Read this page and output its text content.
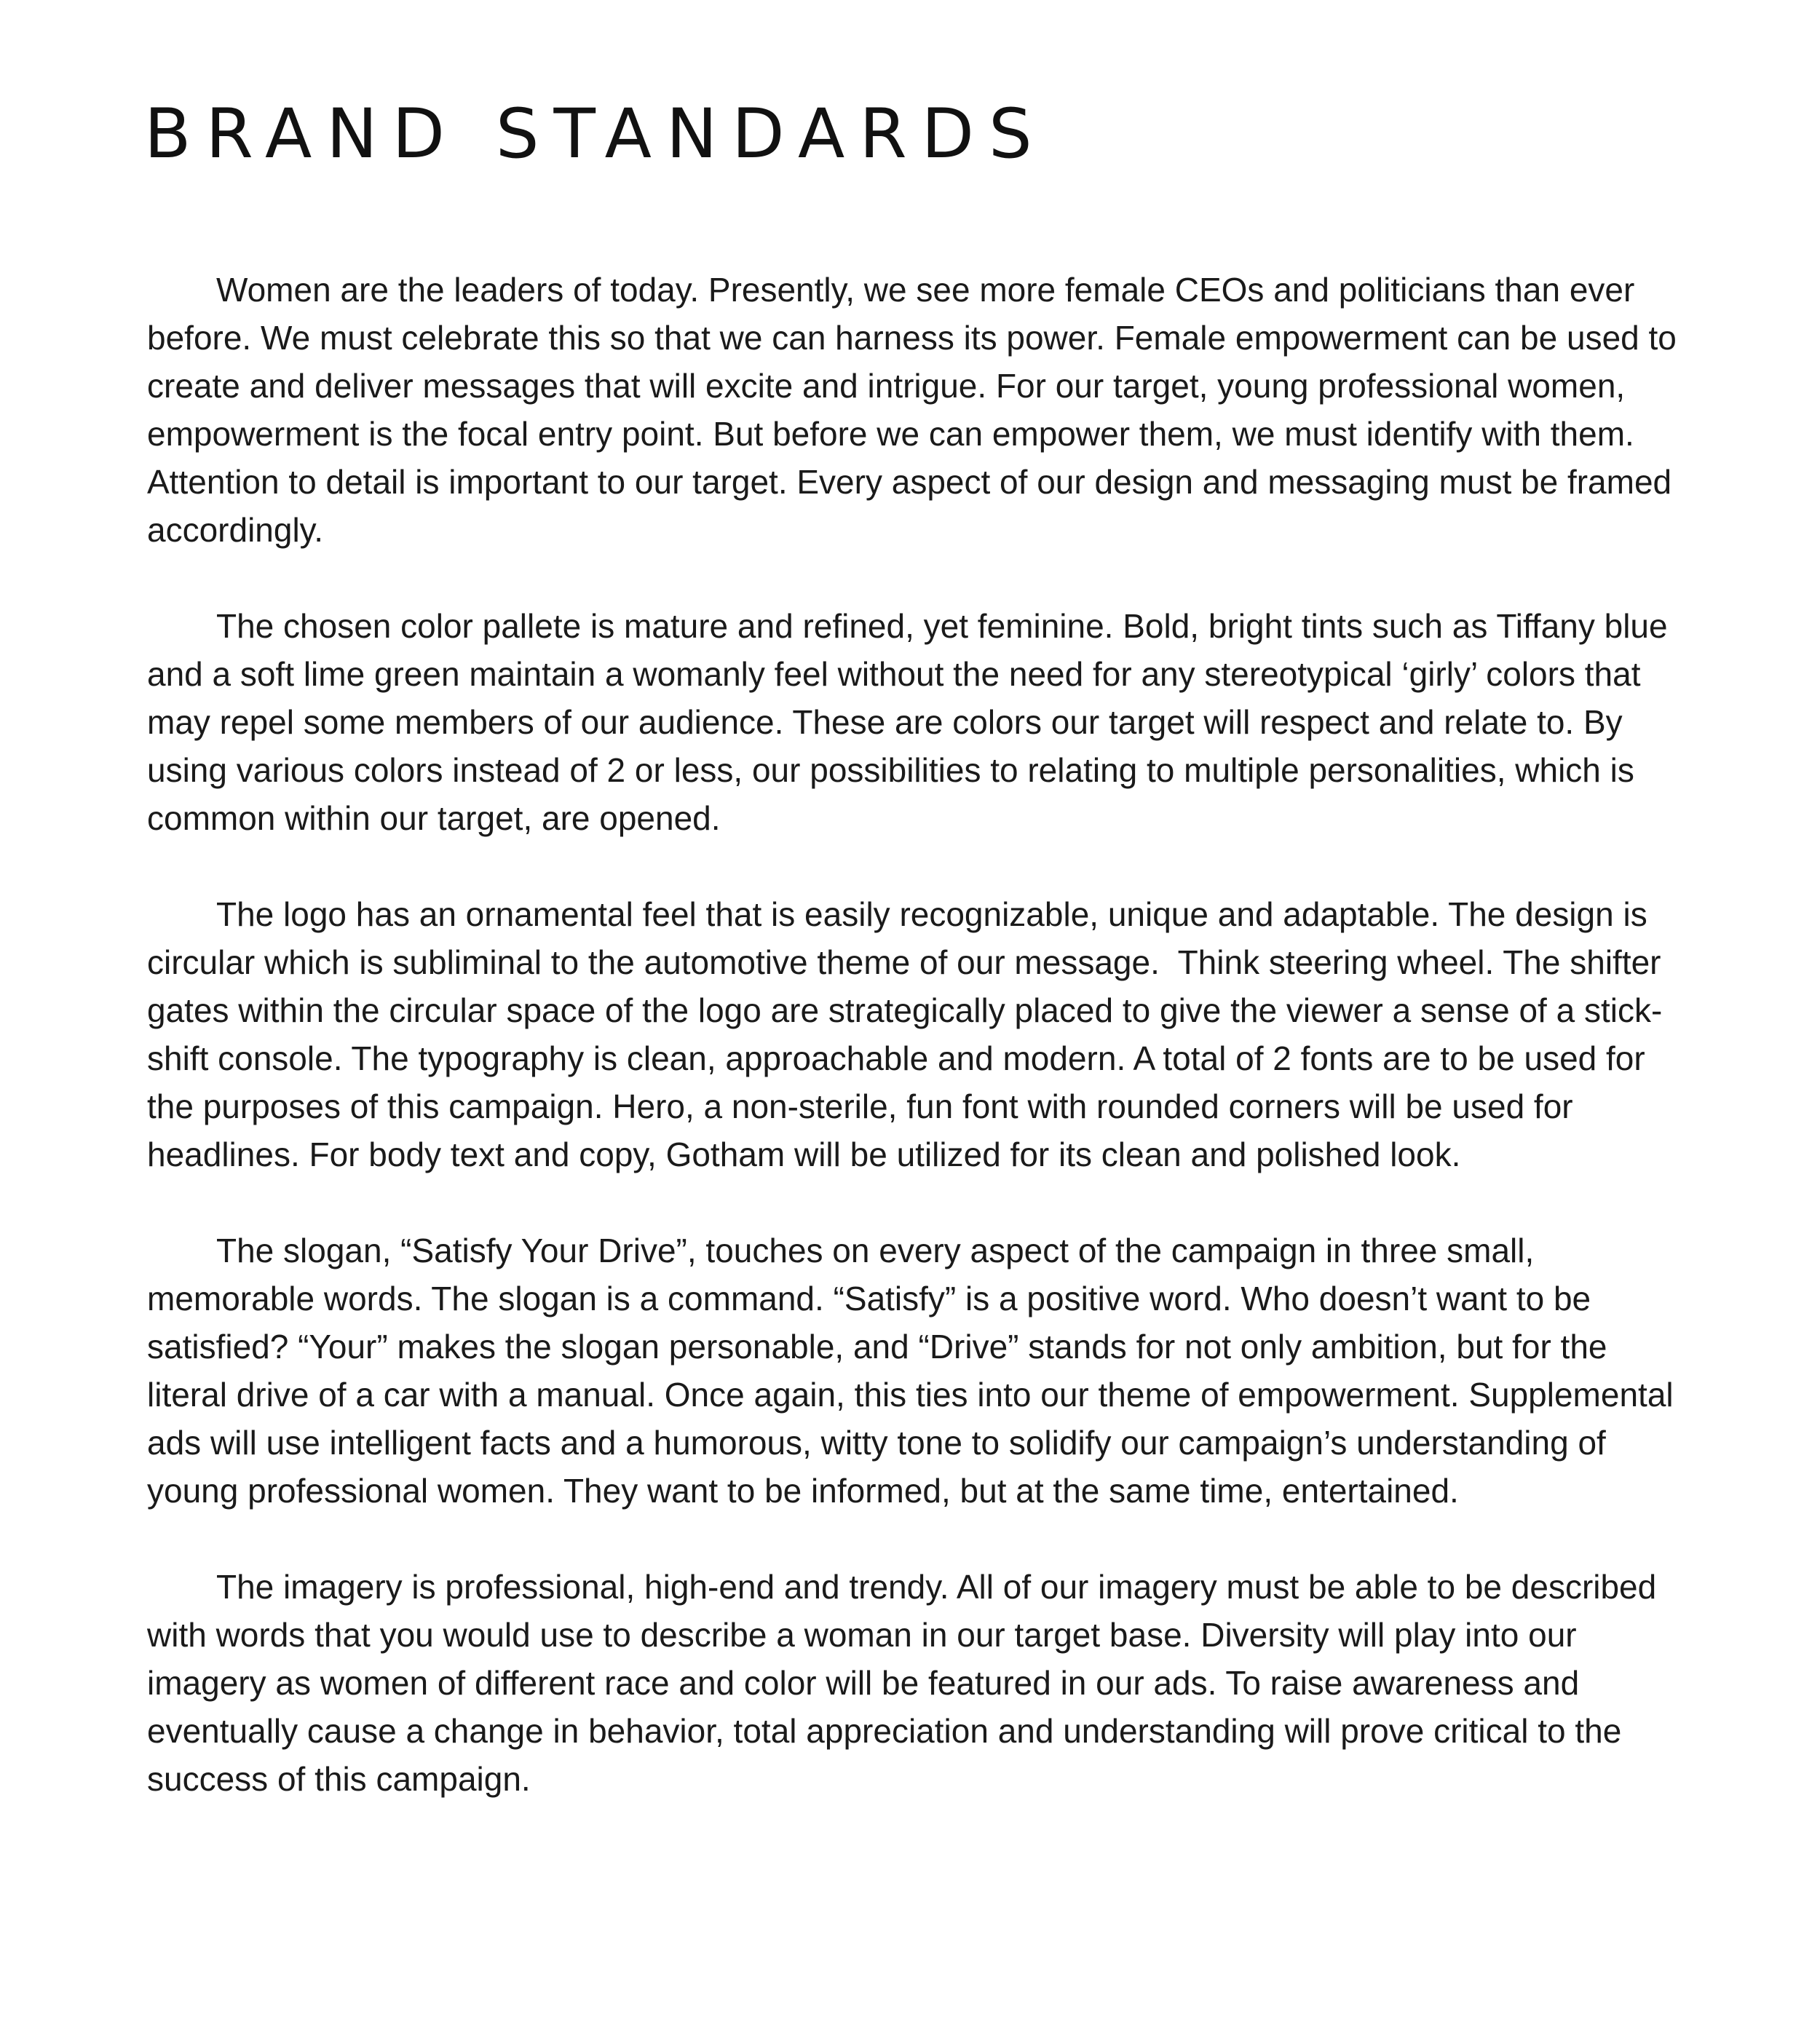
BRAND STANDARDS

Women are the leaders of today. Presently, we see more female CEOs and politicians than ever before. We must celebrate this so that we can harness its power. Female empowerment can be used to create and deliver messages that will excite and intrigue. For our target, young professional women, empowerment is the focal entry point. But before we can empower them, we must identify with them. Attention to detail is important to our target. Every aspect of our design and messaging must be framed accordingly.

The chosen color pallete is mature and refined, yet feminine. Bold, bright tints such as Tiffany blue and a soft lime green maintain a womanly feel without the need for any stereotypical ‘girly’ colors that may repel some members of our audience. These are colors our target will respect and relate to. By using various colors instead of 2 or less, our possibilities to relating to multiple personalities, which is common within our target, are opened.

The logo has an ornamental feel that is easily recognizable, unique and adaptable. The design is circular which is subliminal to the automotive theme of our message.  Think steering wheel. The shifter gates within the circular space of the logo are strategically placed to give the viewer a sense of a stick-shift console. The typography is clean, approachable and modern. A total of 2 fonts are to be used for the purposes of this campaign. Hero, a non-sterile, fun font with rounded corners will be used for headlines. For body text and copy, Gotham will be utilized for its clean and polished look.

The slogan, “Satisfy Your Drive”, touches on every aspect of the campaign in three small, memorable words. The slogan is a command. “Satisfy” is a positive word. Who doesn’t want to be satisfied? “Your” makes the slogan personable, and “Drive” stands for not only ambition, but for the literal drive of a car with a manual. Once again, this ties into our theme of empowerment. Supplemental ads will use intelligent facts and a humorous, witty tone to solidify our campaign’s understanding of young professional women. They want to be informed, but at the same time, entertained.

The imagery is professional, high-end and trendy. All of our imagery must be able to be described with words that you would use to describe a woman in our target base. Diversity will play into our imagery as women of different race and color will be featured in our ads. To raise awareness and eventually cause a change in behavior, total appreciation and understanding will prove critical to the success of this campaign.
